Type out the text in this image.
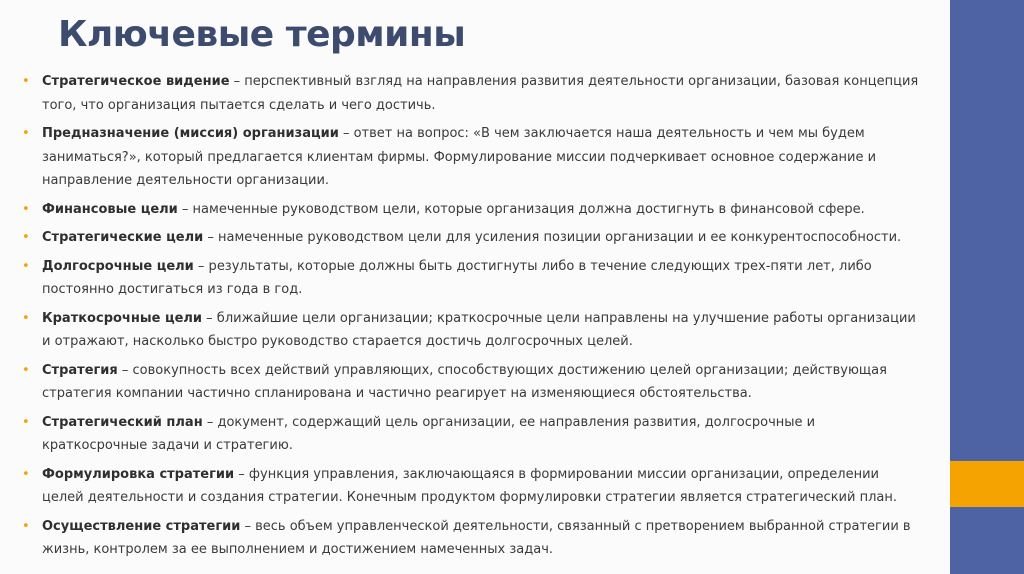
Ключевые термины
• Стратегическое видение – перспективный взгляд на направления развития деятельности организации, базовая концепция того, что организация пытается сделать и чего достичь.
• Предназначение (миссия) организации – ответ на вопрос: «В чем заключается наша деятельность и чем мы будем заниматься?», который предлагается клиентам фирмы. Формулирование миссии подчеркивает основное содержание и направление деятельности организации.
• Финансовые цели – намеченные руководством цели, которые организация должна достигнуть в финансовой сфере.
• Стратегические цели – намеченные руководством цели для усиления позиции организации и ее конкурентоспособности.
• Долгосрочные цели – результаты, которые должны быть достигнуты либо в течение следующих трех-пяти лет, либо постоянно достигаться из года в год.
• Краткосрочные цели – ближайшие цели организации; краткосрочные цели направлены на улучшение работы организации и отражают, насколько быстро руководство старается достичь долгосрочных целей.
• Стратегия – совокупность всех действий управляющих, способствующих достижению целей организации; действующая стратегия компании частично спланирована и частично реагирует на изменяющиеся обстоятельства.
• Стратегический план – документ, содержащий цель организации, ее направления развития, долгосрочные и краткосрочные задачи и стратегию.
• Формулировка стратегии – функция управления, заключающаяся в формировании миссии организации, определении целей деятельности и создания стратегии. Конечным продуктом формулировки стратегии является стратегический план.
• Осуществление стратегии – весь объем управленческой деятельности, связанный с претворением выбранной стратегии в жизнь, контролем за ее выполнением и достижением намеченных задач.
